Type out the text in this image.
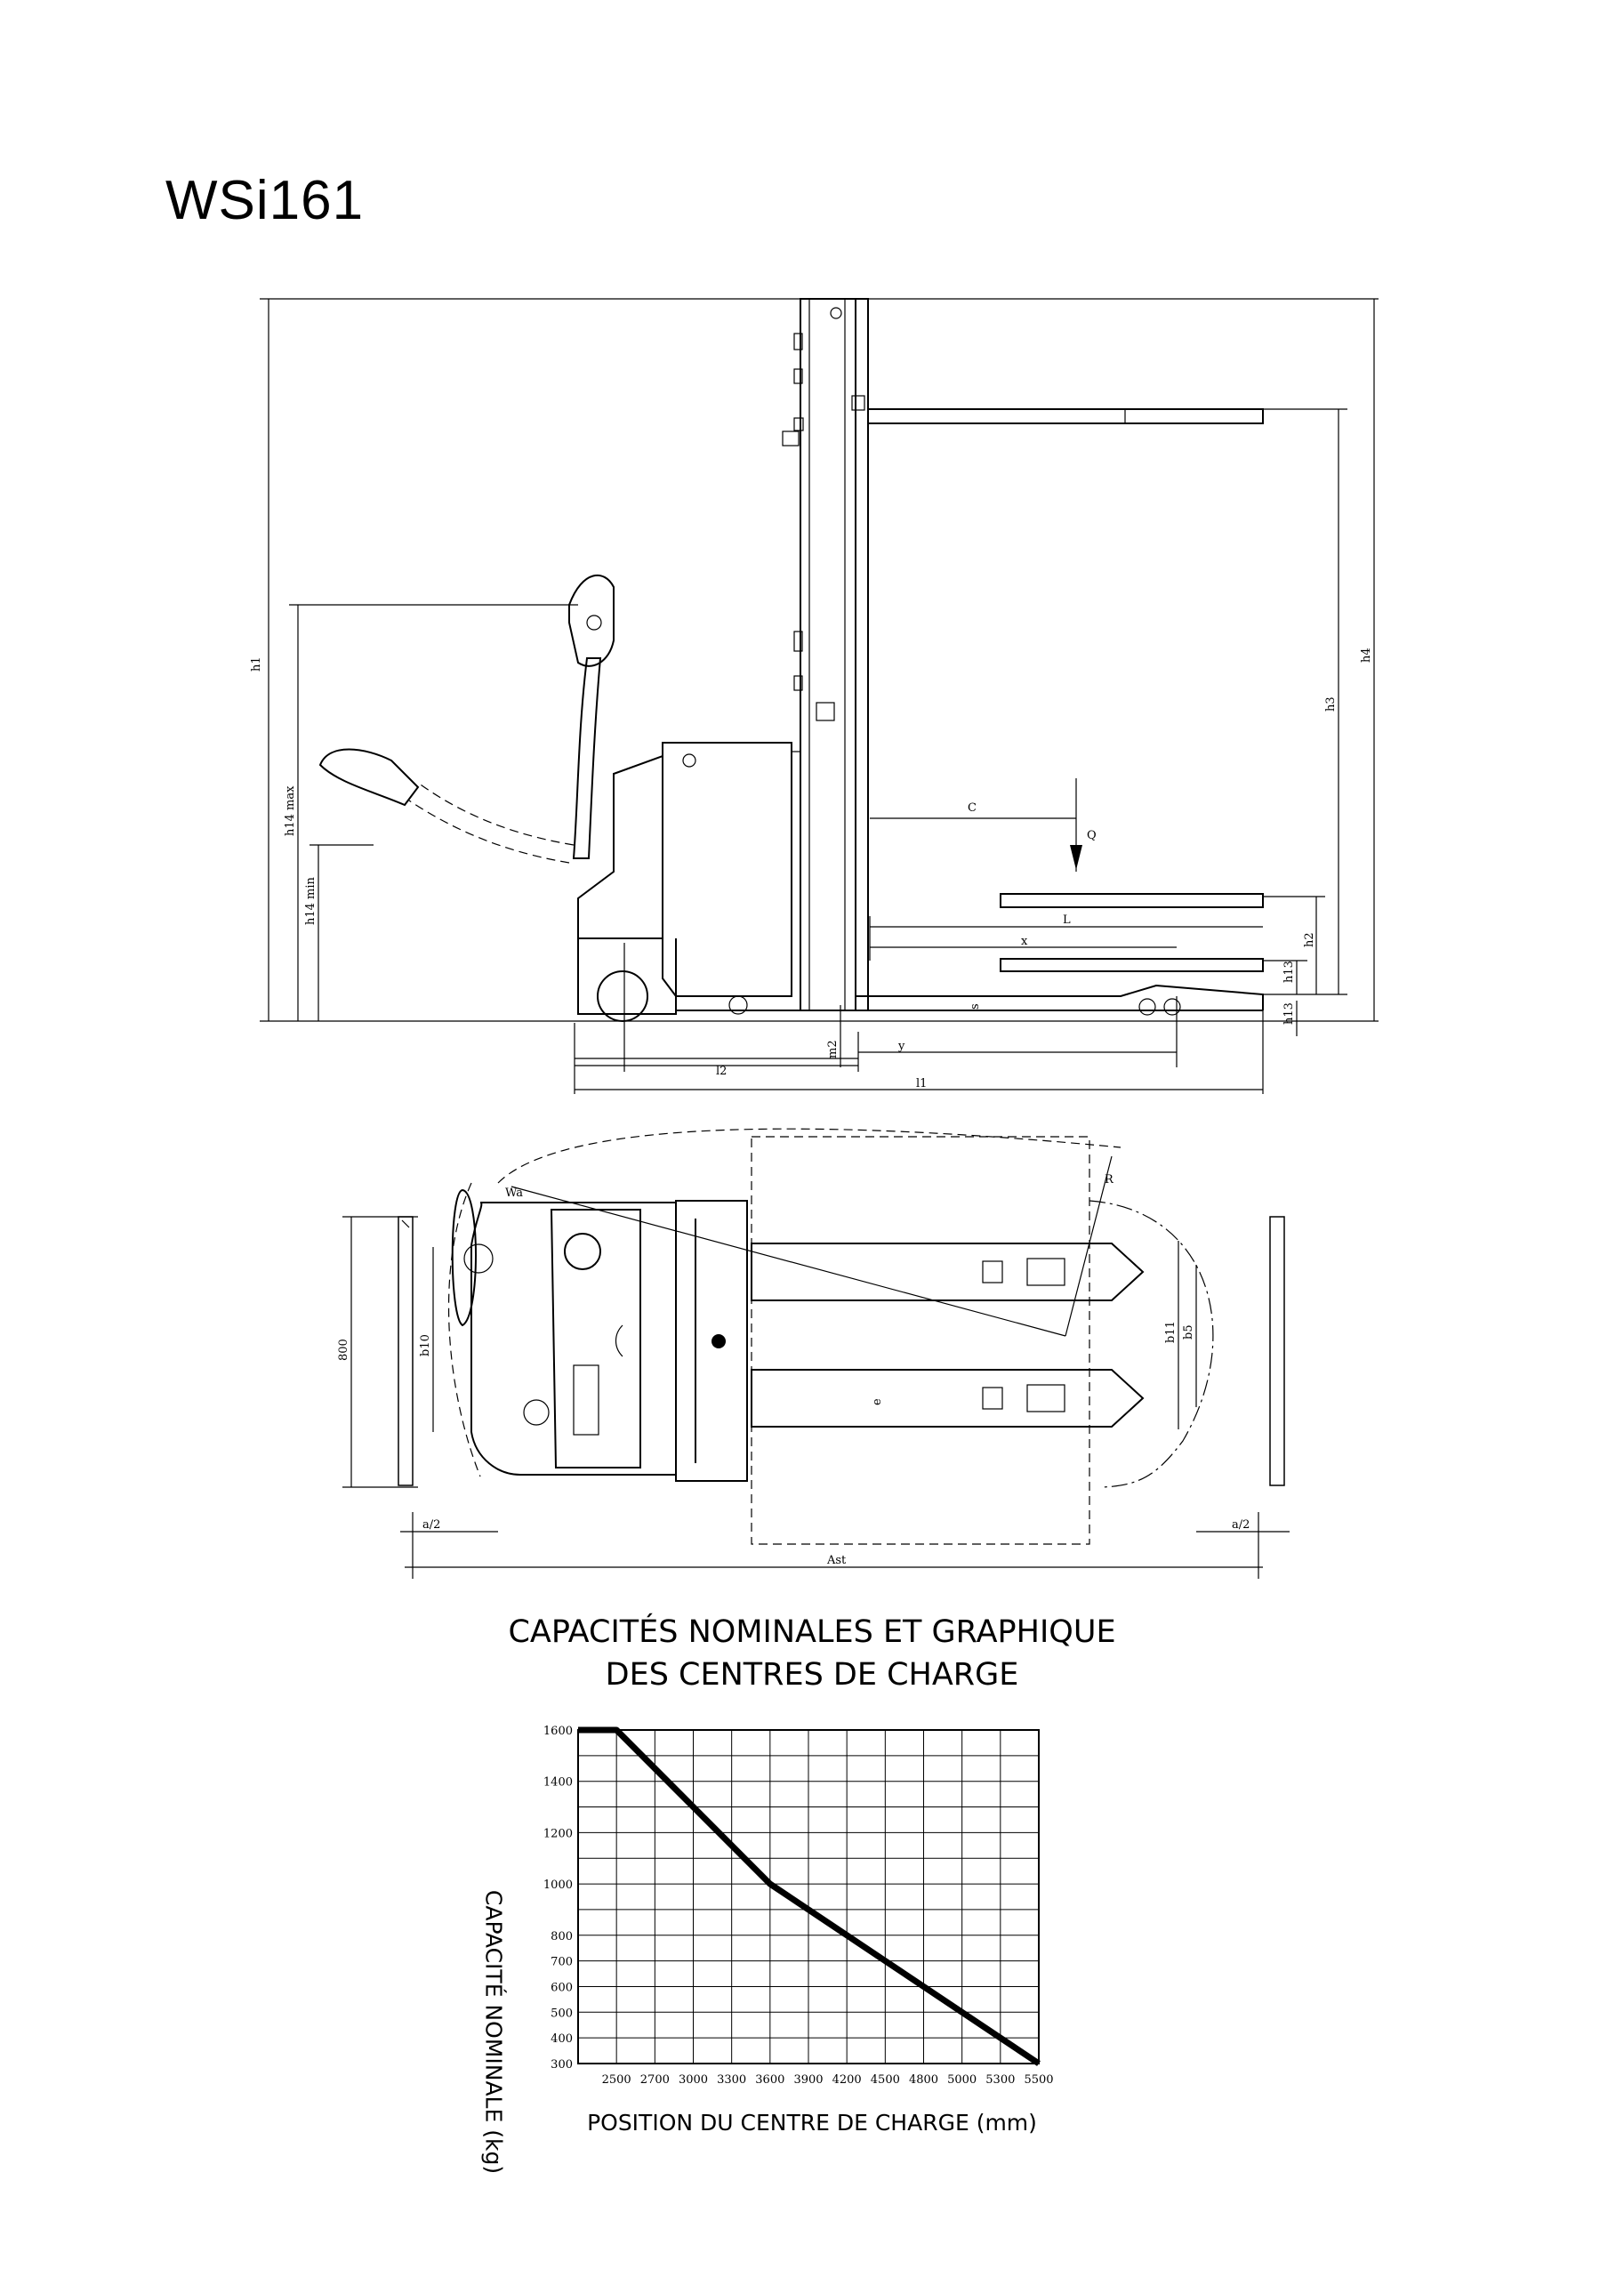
WSi161
h1
h14 max
h14 min
h3
h4
h2
h13
h13
C
Q
L
x
s
m2	y
l2
l1
Wa
R
b10
b11 b5
e
a/2	a/2
Ast
800
2500 2700 3000 3300 3600 3900 4200 4500 4800 5000 5300 5500
1600
1400
1200
1000
800
700
600
500
400
300
CAPACITÉS NOMINALES ET GRAPHIQUE
DES CENTRES DE CHARGE
CAPACITÉ NOMINALE (kg)	POSITION DU CENTRE DE CHARGE (mm)
